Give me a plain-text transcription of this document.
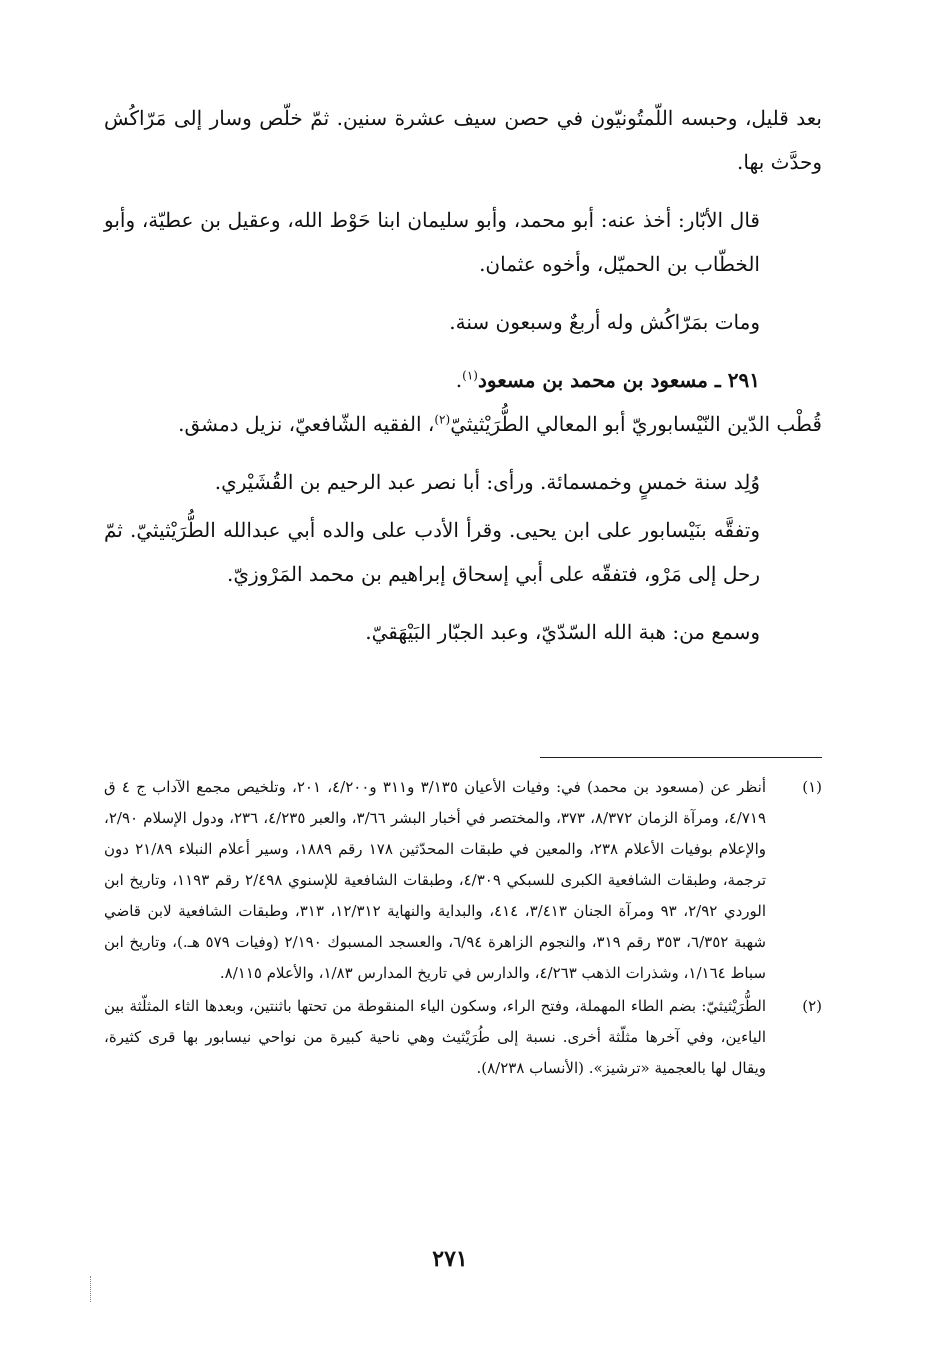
بعد قليل، وحبسه اللّمتُونيّون في حصن سيف عشرة سنين. ثمّ خلّص وسار إلى مَرّاكُش وحدَّث بها.

قال الأبّار: أخذ عنه: أبو محمد، وأبو سليمان ابنا حَوْط الله، وعقيل بن عطيّة، وأبو الخطّاب بن الحميّل، وأخوه عثمان.

ومات بمَرّاكُش وله أربعٌ وسبعون سنة.

٢٩١ ـ مسعود بن محمد بن مسعود$^{(١)}$.

قُطْب الدّين النّيْسابوريّ أبو المعالي الطُّرَيْثيثيّ$^{(٢)}$، الفقيه الشّافعيّ، نزيل دمشق.

وُلِد سنة خمسٍ وخمسمائة. ورأى: أبا نصر عبد الرحيم بن القُشَيْري.

وتفقَّه بنَيْسابور على ابن يحيى. وقرأ الأدب على والده أبي عبدالله الطُّرَيْثيثيّ. ثمّ رحل إلى مَرْو، فتفقّه على أبي إسحاق إبراهيم بن محمد المَرْوزيّ.

وسمع من: هبة الله السّدّيّ، وعبد الجبّار البَيْهَقيّ.

(١)
أنظر عن (مسعود بن محمد) في: وفيات الأعيان ٣/١٣٥ و٣١١ و٤/٢٠٠، ٢٠١، وتلخيص مجمع الآداب ج ٤ ق ٤/٧١٩، ومرآة الزمان ٨/٣٧٢، ٣٧٣، والمختصر في أخبار البشر ٣/٦٦، والعبر ٤/٢٣٥، ٢٣٦، ودول الإسلام ٢/٩٠، والإعلام بوفيات الأعلام ٢٣٨، والمعين في طبقات المحدّثين ١٧٨ رقم ١٨٨٩، وسير أعلام النبلاء ٢١/٨٩ دون ترجمة، وطبقات الشافعية الكبرى للسبكي ٤/٣٠٩، وطبقات الشافعية للإسنوي ٢/٤٩٨ رقم ١١٩٣، وتاريخ ابن الوردي ٢/٩٢، ٩٣ ومرآة الجنان ٣/٤١٣، ٤١٤، والبداية والنهاية ١٢/٣١٢، ٣١٣، وطبقات الشافعية لابن قاضي شهبة ٦/٣٥٢، ٣٥٣ رقم ٣١٩، والنجوم الزاهرة ٦/٩٤، والعسجد المسبوك ٢/١٩٠ (وفيات ٥٧٩ هـ.)، وتاريخ ابن سباط ١/١٦٤، وشذرات الذهب ٤/٢٦٣، والدارس في تاريخ المدارس ١/٨٣، والأعلام ٨/١١٥.
(٢)
الطُّرَيْثيثيّ: بضم الطاء المهملة، وفتح الراء، وسكون الياء المنقوطة من تحتها باثنتين، وبعدها الثاء المثلّثة بين الياءين، وفي آخرها مثلّثة أخرى. نسبة إلى طُرَيْثيث وهي ناحية كبيرة من نواحي نيسابور بها قرى كثيرة، ويقال لها بالعجمية «ترشيز». (الأنساب ٨/٢٣٨).
٢٧١
